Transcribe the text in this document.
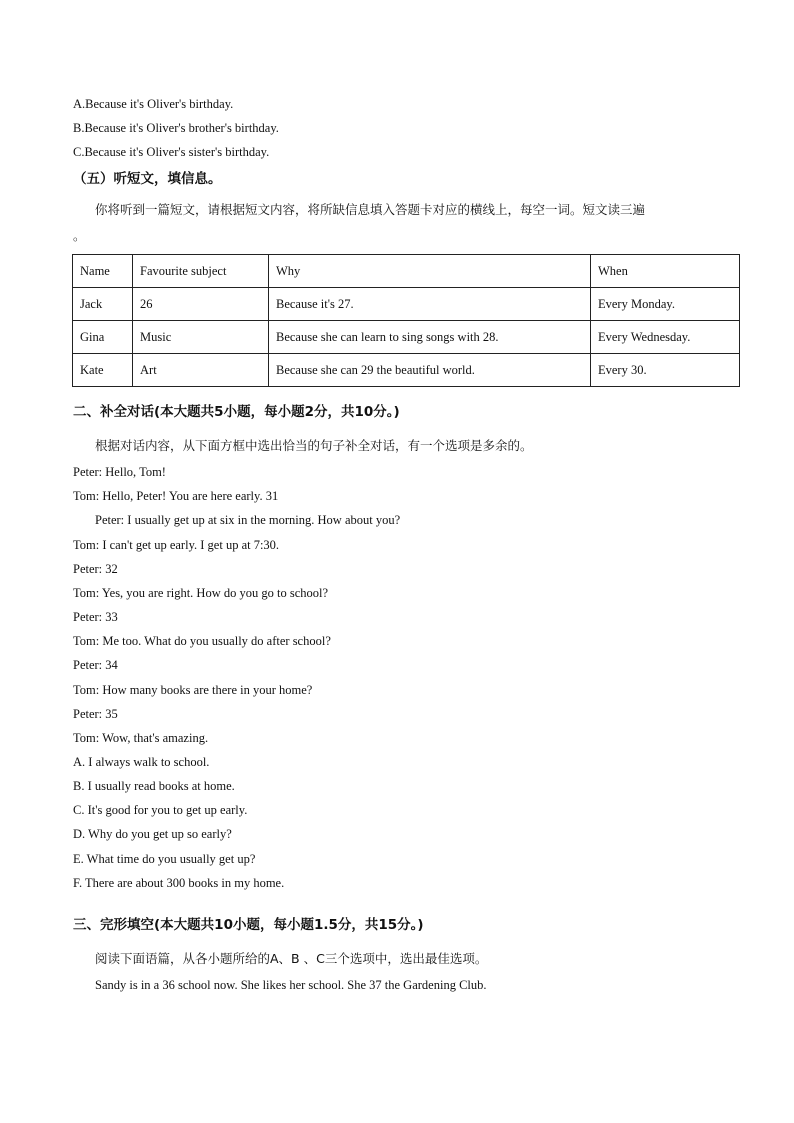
A.Because it's Oliver's birthday.
B.Because it's Oliver's brother's birthday.
C.Because it's Oliver's sister's birthday.
（五）听短文，填信息。
你将听到一篇短文，请根据短文内容，将所缺信息填入答题卡对应的横线上，每空一词。短文读三遍
。
Name	Favourite subject	Why	When
Jack	26	Because it's 27.	Every Monday.
Gina	Music	Because she can learn to sing songs with 28.	Every Wednesday.
Kate	Art	Because she can 29 the beautiful world.	Every 30.
二、补全对话(本大题共5小题，每小题2分，共10分。)
根据对话内容，从下面方框中选出恰当的句子补全对话，有一个选项是多余的。
Peter: Hello, Tom!
Tom: Hello, Peter! You are here early. 31
Peter: I usually get up at six in the morning. How about you?
Tom: I can't get up early. I get up at 7:30.
Peter: 32
Tom: Yes, you are right. How do you go to school?
Peter: 33
Tom: Me too. What do you usually do after school?
Peter: 34
Tom: How many books are there in your home?
Peter: 35
Tom: Wow, that's amazing.
A. I always walk to school.
B. I usually read books at home.
C. It's good for you to get up early.
D. Why do you get up so early?
E. What time do you usually get up?
F. There are about 300 books in my home.
三、完形填空(本大题共10小题，每小题1.5分，共15分。)
阅读下面语篇，从各小题所给的A、B 、C三个选项中，选出最佳选项。
Sandy is in a 36 school now. She likes her school. She 37 the Gardening Club.
